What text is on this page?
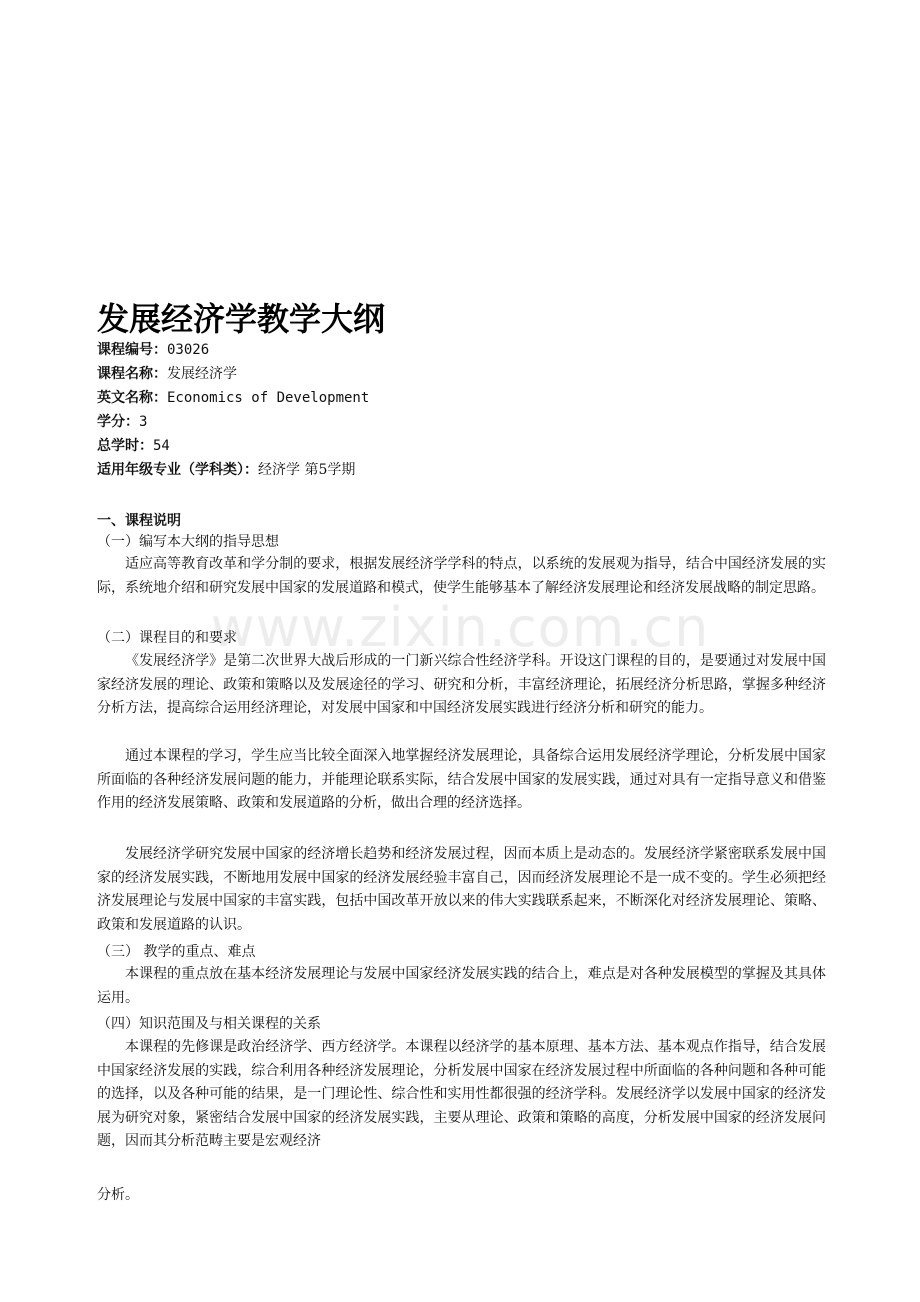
www.zixin.com.cn
发展经济学教学大纲
课程编号：03026
课程名称：发展经济学
英文名称：Economics of Development
学分：3
总学时：54
适用年级专业（学科类）：经济学 第5学期
一、课程说明
（一）编写本大纲的指导思想

适应高等教育改革和学分制的要求，根据发展经济学学科的特点，以系统的发展观为指导，结合中国经济发展的实际，系统地介绍和研究发展中国家的发展道路和模式，使学生能够基本了解经济发展理论和经济发展战略的制定思路。

（二）课程目的和要求

《发展经济学》是第二次世界大战后形成的一门新兴综合性经济学科。开设这门课程的目的，是要通过对发展中国家经济发展的理论、政策和策略以及发展途径的学习、研究和分析，丰富经济理论，拓展经济分析思路，掌握多种经济分析方法，提高综合运用经济理论，对发展中国家和中国经济发展实践进行经济分析和研究的能力。

通过本课程的学习，学生应当比较全面深入地掌握经济发展理论，具备综合运用发展经济学理论，分析发展中国家所面临的各种经济发展问题的能力，并能理论联系实际，结合发展中国家的发展实践，通过对具有一定指导意义和借鉴作用的经济发展策略、政策和发展道路的分析，做出合理的经济选择。

发展经济学研究发展中国家的经济增长趋势和经济发展过程，因而本质上是动态的。发展经济学紧密联系发展中国家的经济发展实践，不断地用发展中国家的经济发展经验丰富自己，因而经济发展理论不是一成不变的。学生必须把经济发展理论与发展中国家的丰富实践，包括中国改革开放以来的伟大实践联系起来，不断深化对经济发展理论、策略、政策和发展道路的认识。

（三） 教学的重点、难点

本课程的重点放在基本经济发展理论与发展中国家经济发展实践的结合上，难点是对各种发展模型的掌握及其具体运用。

（四）知识范围及与相关课程的关系

本课程的先修课是政治经济学、西方经济学。本课程以经济学的基本原理、基本方法、基本观点作指导，结合发展中国家经济发展的实践，综合利用各种经济发展理论，分析发展中国家在经济发展过程中所面临的各种问题和各种可能的选择，以及各种可能的结果，是一门理论性、综合性和实用性都很强的经济学科。发展经济学以发展中国家的经济发展为研究对象，紧密结合发展中国家的经济发展实践，主要从理论、政策和策略的高度，分析发展中国家的经济发展问题，因而其分析范畴主要是宏观经济

分析。
